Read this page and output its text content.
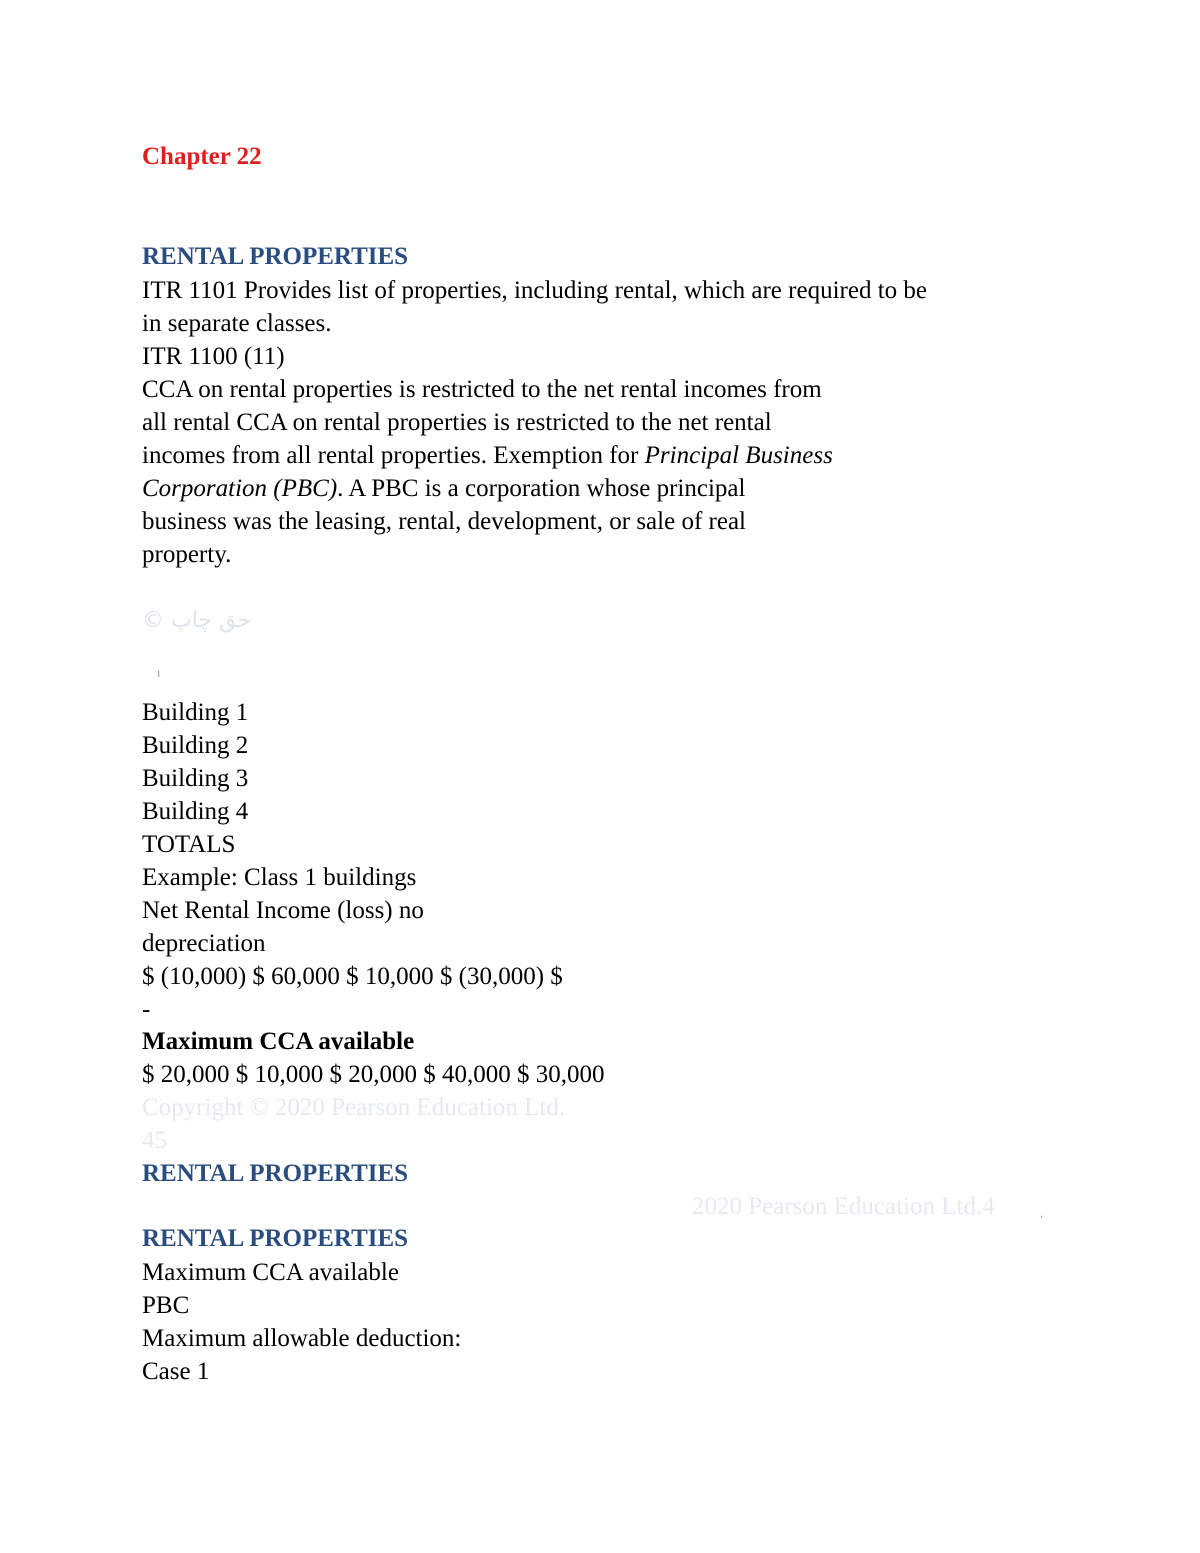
Chapter 22
RENTAL PROPERTIES
ITR 1101 Provides list of properties, including rental, which are required to be
in separate classes.
ITR 1100 (11)
CCA on rental properties is restricted to the net rental incomes from
all rental CCA on rental properties is restricted to the net rental
incomes from all rental properties. Exemption for Principal Business
Corporation (PBC). A PBC is a corporation whose principal
business was the leasing, rental, development, or sale of real
property.
© حق چاپ
ı
Building 1
Building 2
Building 3
Building 4
TOTALS
Example: Class 1 buildings
Net Rental Income (loss) no
depreciation
$ (10,000) $ 60,000 $ 10,000 $ (30,000) $
-
Maximum CCA available
$ 20,000 $ 10,000 $ 20,000 $ 40,000 $ 30,000
Copyright © 2020 Pearson Education Ltd.
45
RENTAL PROPERTIES
2020 Pearson Education Ltd.4	,
RENTAL PROPERTIES
Maximum CCA available
PBC
Maximum allowable deduction:
Case 1
